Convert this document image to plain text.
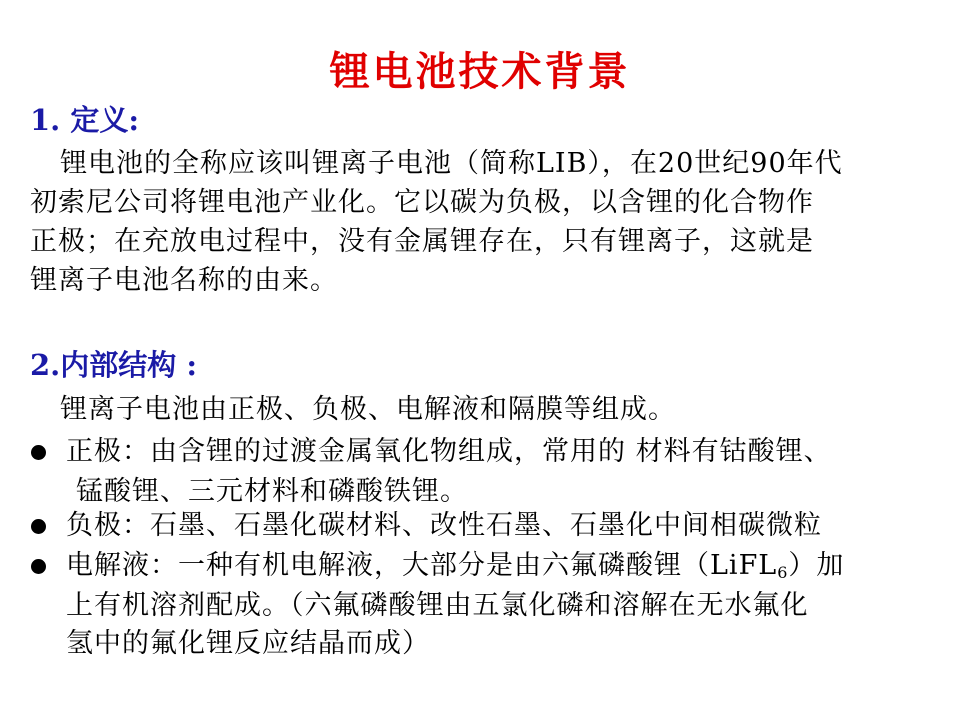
锂电池技术背景
1. 定义:
锂电池的全称应该叫锂离子电池（简称LIB），在20世纪90年代
初索尼公司将锂电池产业化。它以碳为负极，以含锂的化合物作
正极；在充放电过程中，没有金属锂存在，只有锂离子，这就是
锂离子电池名称的由来。
2.内部结构 :
锂离子电池由正极、负极、电解液和隔膜等组成。
正极：由含锂的过渡金属氧化物组成，常用的 材料有钴酸锂、
锰酸锂、三元材料和磷酸铁锂。
负极：石墨、石墨化碳材料、改性石墨、石墨化中间相碳微粒
电解液：一种有机电解液，大部分是由六氟磷酸锂（LiFL$_6$）加
上有机溶剂配成。（六氟磷酸锂由五氯化磷和溶解在无水氟化
氢中的氟化锂反应结晶而成）
